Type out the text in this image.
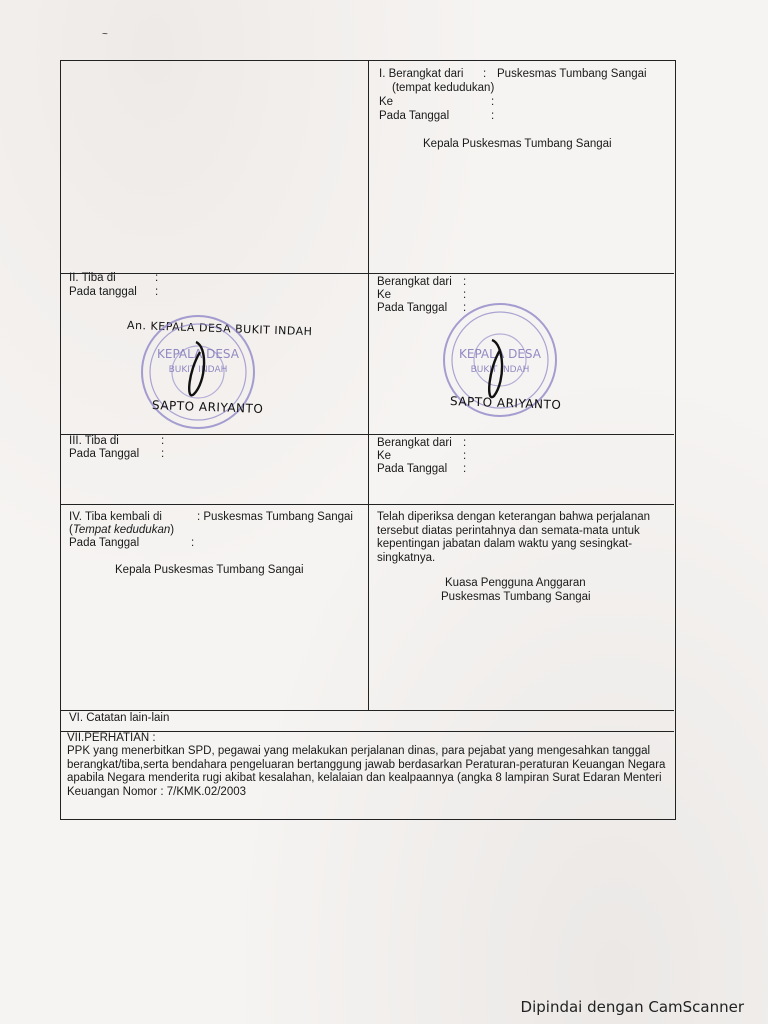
~
I. Berangkat dari : Puskesmas Tumbang Sangai
(tempat kedudukan)
Ke	:
Pada Tanggal	:
Kepala Puskesmas Tumbang Sangai
II. Tiba di	:
Pada tanggal :
Berangkat dari :
Ke	:
Pada Tanggal :
III. Tiba di	:
Pada Tanggal :
Berangkat dari :
Ke	:
Pada Tanggal :
IV. Tiba kembali di	: Puskesmas Tumbang Sangai
(Tempat kedudukan)
Pada Tanggal	:
Kepala Puskesmas Tumbang Sangai
Telah diperiksa dengan keterangan bahwa perjalanan tersebut diatas perintahnya dan semata-mata untuk kepentingan jabatan dalam waktu yang sesingkat-singkatnya.
Kuasa Pengguna Anggaran
Puskesmas Tumbang Sangai
VI. Catatan lain-lain
VII.PERHATIAN :
PPK yang menerbitkan SPD, pegawai yang melakukan perjalanan dinas, para pejabat yang mengesahkan tanggal berangkat/tiba,serta bendahara pengeluaran bertanggung jawab berdasarkan Peraturan-peraturan Keuangan Negara apabila Negara menderita rugi akibat kesalahan, kelalaian dan kealpaannya (angka 8 lampiran Surat Edaran Menteri Keuangan Nomor : 7/KMK.02/2003
An. KEPALA DESA BUKIT INDAH
KEPALA DESA
BUKIT INDAH
SAPTO ARIYANTO
KEPALA DESA
BUKIT INDAH
SAPTO ARIYANTO
Dipindai dengan CamScanner
